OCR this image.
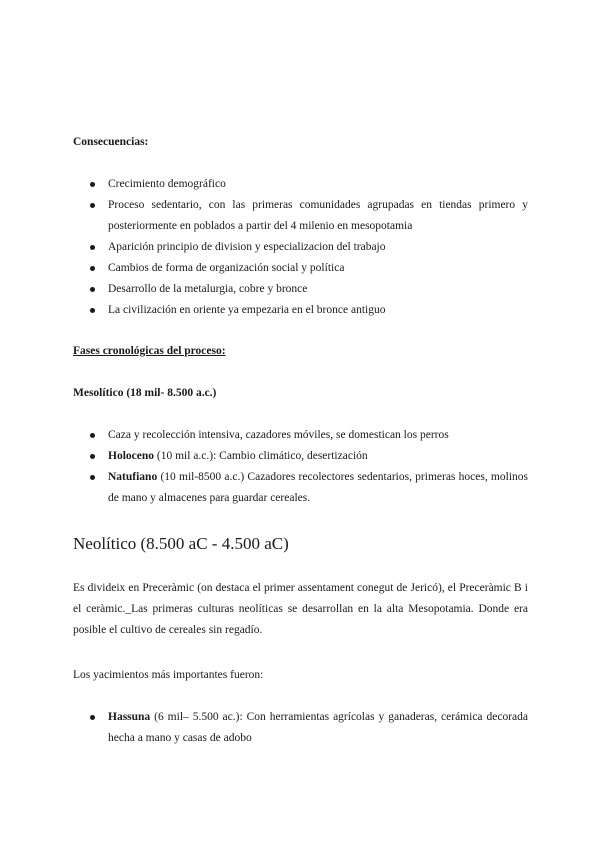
Consecuencias:
Crecimiento demográfico
Proceso sedentario, con las primeras comunidades agrupadas en tiendas primero y posteriormente en poblados a partir del 4 milenio en mesopotamia
Aparición principio de division y especializacion del trabajo
Cambios de forma de organización social y política
Desarrollo de la metalurgia, cobre y bronce
La civilización en oriente ya empezaria en el bronce antiguo
Fases cronológicas del proceso:
Mesolítico (18 mil- 8.500 a.c.)
Caza y recolección intensiva, cazadores móviles, se domestican los perros
Holoceno (10 mil a.c.): Cambio climático, desertización
Natufiano (10 mil-8500 a.c.) Cazadores recolectores sedentarios, primeras hoces, molinos de mano y almacenes para guardar cereales.
Neolítico (8.500 aC - 4.500 aC)
Es divideix en Preceràmic (on destaca el primer assentament conegut de Jericó), el Preceràmic B i el ceràmic._Las primeras culturas neolíticas se desarrollan en la alta Mesopotamia. Donde era posible el cultivo de cereales sin regadío.
Los yacimientos más importantes fueron:
Hassuna (6 mil– 5.500 ac.): Con herramientas agrícolas y ganaderas, cerámica decorada hecha a mano y casas de adobo
